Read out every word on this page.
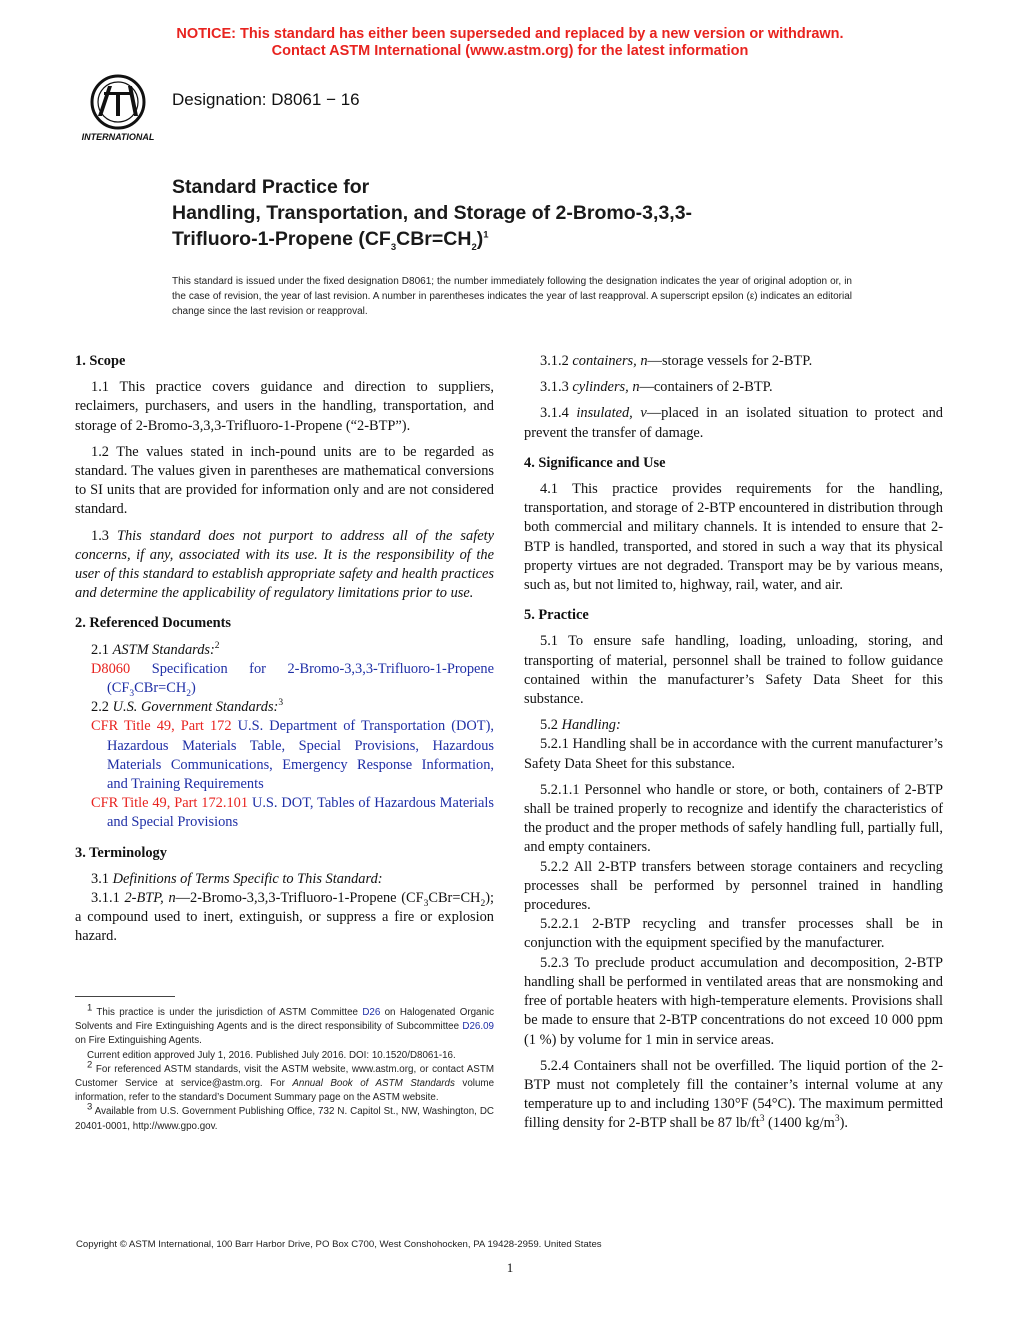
NOTICE: This standard has either been superseded and replaced by a new version or withdrawn.
Contact ASTM International (www.astm.org) for the latest information
INTERNATIONAL
Designation: D8061 − 16
Standard Practice for
Handling, Transportation, and Storage of 2-Bromo-3,3,3-
Trifluoro-1-Propene $(CF_3CBr=CH_2)^1$
This standard is issued under the fixed designation D8061; the number immediately following the designation indicates the year of original adoption or, in the case of revision, the year of last revision. A number in parentheses indicates the year of last reapproval. A superscript epsilon (ε) indicates an editorial change since the last revision or reapproval.
1. Scope

1.1 This practice covers guidance and direction to suppliers, reclaimers, purchasers, and users in the handling, transportation, and storage of 2-Bromo-3,3,3-Trifluoro-1-Propene (“2-BTP”).

1.2 The values stated in inch-pound units are to be regarded as standard. The values given in parentheses are mathematical conversions to SI units that are provided for information only and are not considered standard.

1.3 This standard does not purport to address all of the safety concerns, if any, associated with its use. It is the responsibility of the user of this standard to establish appropriate safety and health practices and determine the applicability of regulatory limitations prior to use.

2. Referenced Documents

2.1 ASTM Standards:$^2$

D8060 Specification for 2-Bromo-3,3,3-Trifluoro-1-Propene $(CF_3CBr=CH_2)$

2.2 U.S. Government Standards:$^3$

CFR Title 49, Part 172 U.S. Department of Transportation (DOT), Hazardous Materials Table, Special Provisions, Hazardous Materials Communications, Emergency Response Information, and Training Requirements

CFR Title 49, Part 172.101 U.S. DOT, Tables of Hazardous Materials and Special Provisions

3. Terminology

3.1 Definitions of Terms Specific to This Standard:

3.1.1 2-BTP, n—2-Bromo-3,3,3-Trifluoro-1-Propene $(CF_3CBr=CH_2)$; a compound used to inert, extinguish, or suppress a fire or explosion hazard.

$^1$ This practice is under the jurisdiction of ASTM Committee D26 on Halogenated Organic Solvents and Fire Extinguishing Agents and is the direct responsibility of Subcommittee D26.09 on Fire Extinguishing Agents.

Current edition approved July 1, 2016. Published July 2016. DOI: 10.1520/D8061-16.

$^2$ For referenced ASTM standards, visit the ASTM website, www.astm.org, or contact ASTM Customer Service at service@astm.org. For Annual Book of ASTM Standards volume information, refer to the standard’s Document Summary page on the ASTM website.

$^3$ Available from U.S. Government Publishing Office, 732 N. Capitol St., NW, Washington, DC 20401-0001, http://www.gpo.gov.

3.1.2 containers, n—storage vessels for 2-BTP.

3.1.3 cylinders, n—containers of 2-BTP.

3.1.4 insulated, v—placed in an isolated situation to protect and prevent the transfer of damage.

4. Significance and Use

4.1 This practice provides requirements for the handling, transportation, and storage of 2-BTP encountered in distribution through both commercial and military channels. It is intended to ensure that 2-BTP is handled, transported, and stored in such a way that its physical property virtues are not degraded. Transport may be by various means, such as, but not limited to, highway, rail, water, and air.

5. Practice

5.1 To ensure safe handling, loading, unloading, storing, and transporting of material, personnel shall be trained to follow guidance contained within the manufacturer’s Safety Data Sheet for this substance.

5.2 Handling:

5.2.1 Handling shall be in accordance with the current manufacturer’s Safety Data Sheet for this substance.

5.2.1.1 Personnel who handle or store, or both, containers of 2-BTP shall be trained properly to recognize and identify the characteristics of the product and the proper methods of safely handling full, partially full, and empty containers.

5.2.2 All 2-BTP transfers between storage containers and recycling processes shall be performed by personnel trained in handling procedures.

5.2.2.1 2-BTP recycling and transfer processes shall be in conjunction with the equipment specified by the manufacturer.

5.2.3 To preclude product accumulation and decomposition, 2-BTP handling shall be performed in ventilated areas that are nonsmoking and free of portable heaters with high-temperature elements. Provisions shall be made to ensure that 2-BTP concentrations do not exceed 10 000 ppm (1 %) by volume for 1 min in service areas.

5.2.4 Containers shall not be overfilled. The liquid portion of the 2-BTP must not completely fill the container’s internal volume at any temperature up to and including 130°F (54°C). The maximum permitted filling density for 2-BTP shall be 87 $lb/ft^3$ (1400 $kg/m^3$).

Copyright © ASTM International, 100 Barr Harbor Drive, PO Box C700, West Conshohocken, PA 19428-2959. United States
1
